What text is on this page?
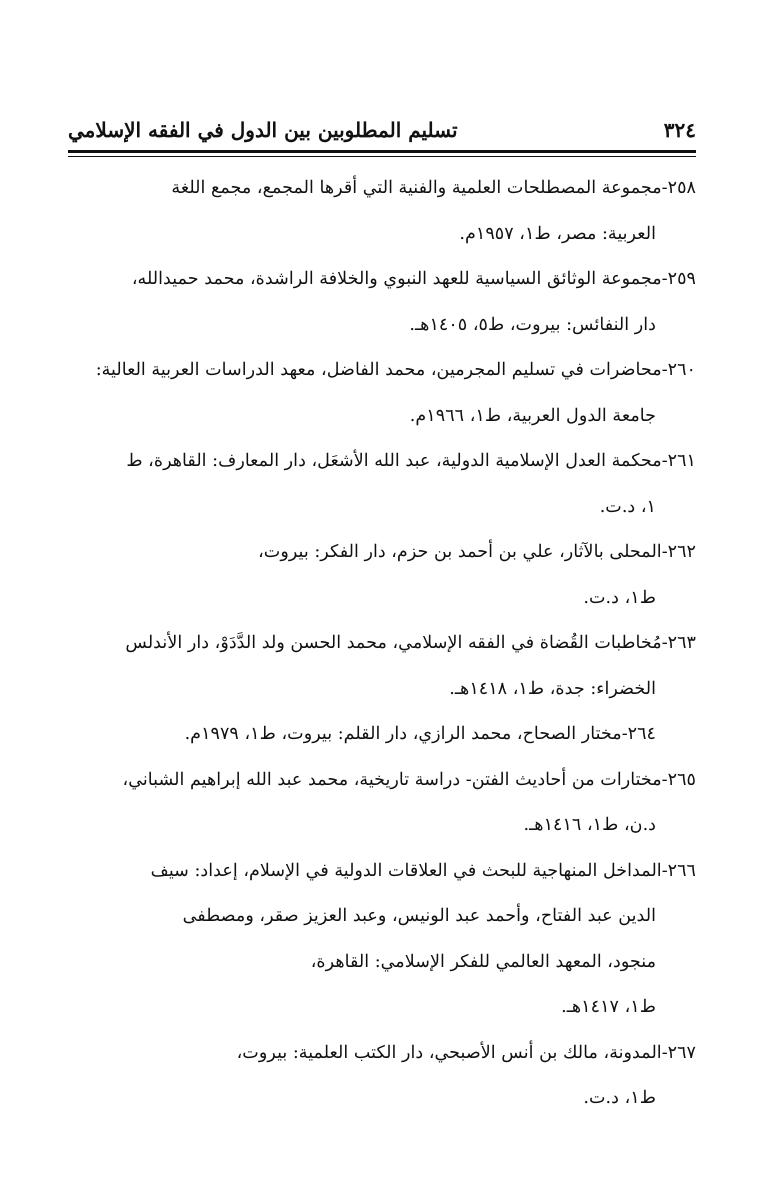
٣٢٤
تسليم المطلوبين بين الدول في الفقه الإسلامي
٢٥٨-مجموعة المصطلحات العلمية والفنية التي أقرها المجمع، مجمع اللغة
العربية: مصر، ط١، ١٩٥٧م.
٢٥٩-مجموعة الوثائق السياسية للعهد النبوي والخلافة الراشدة، محمد حميدالله،
دار النفائس: بيروت، ط٥، ١٤٠٥هـ.
٢٦٠-محاضرات في تسليم المجرمين، محمد الفاضل، معهد الدراسات العربية العالية:
جامعة الدول العربية، ط١، ١٩٦٦م.
٢٦١-محكمة العدل الإسلامية الدولية، عبد الله الأشعَل، دار المعارف: القاهرة، ط
١، د.ت.
٢٦٢-المحلى بالآثار، علي بن أحمد بن حزم، دار الفكر: بيروت،
ط١، د.ت.
٢٦٣-مُخاطبات القُضاة في الفقه الإسلامي، محمد الحسن ولد الدَّدَوْ، دار الأندلس
الخضراء: جدة، ط١، ١٤١٨هـ.
٢٦٤-مختار الصحاح، محمد الرازي، دار القلم: بيروت، ط١، ١٩٧٩م.
٢٦٥-مختارات من أحاديث الفتن- دراسة تاريخية، محمد عبد الله إبراهيم الشباني،
د.ن، ط١، ١٤١٦هـ.
٢٦٦-المداخل المنهاجية للبحث في العلاقات الدولية في الإسلام، إعداد: سيف
الدين عبد الفتاح، وأحمد عبد الونيس، وعبد العزيز صقر، ومصطفى
منجود، المعهد العالمي للفكر الإسلامي: القاهرة،
ط١، ١٤١٧هـ.
٢٦٧-المدونة، مالك بن أنس الأصبحي، دار الكتب العلمية: بيروت،
ط١، د.ت.
